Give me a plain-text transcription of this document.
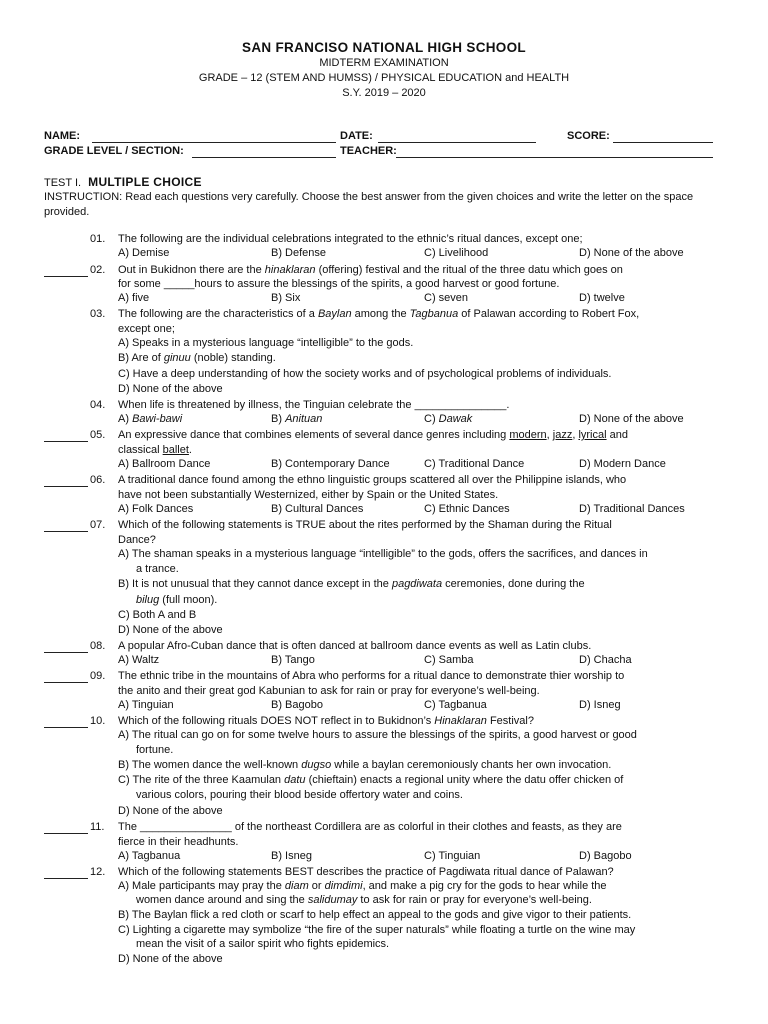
SAN FRANCISO NATIONAL HIGH SCHOOL
MIDTERM EXAMINATION
GRADE – 12 (STEM AND HUMSS) / PHYSICAL EDUCATION and HEALTH
S.Y. 2019 – 2020
NAME:	DATE:	SCORE:
GRADE LEVEL / SECTION:	TEACHER:
TEST I. MULTIPLE CHOICE
INSTRUCTION: Read each questions very carefully. Choose the best answer from the given choices and write the letter on the space provided.
01. The following are the individual celebrations integrated to the ethnic’s ritual dances, except one;
A) Demise	B) Defense	C) Livelihood	D) None of the above
02. Out in Bukidnon there are the hinaklaran (offering) festival and the ritual of the three datu which goes on
for some _____hours to assure the blessings of the spirits, a good harvest or good fortune.
A) five	B) Six	C) seven	D) twelve
03. The following are the characteristics of a Baylan among the Tagbanua of Palawan according to Robert Fox,
except one;
A) Speaks in a mysterious language “intelligible” to the gods.
B) Are of ginuu (noble) standing.
C) Have a deep understanding of how the society works and of psychological problems of individuals.
D) None of the above
04. When life is threatened by illness, the Tinguian celebrate the _______________.
A) Bawi-bawi	B) Anituan	C) Dawak	D) None of the above
05. An expressive dance that combines elements of several dance genres including modern, jazz, lyrical and
classical ballet.
A) Ballroom Dance	B) Contemporary Dance	C) Traditional Dance	D) Modern Dance
06. A traditional dance found among the ethno linguistic groups scattered all over the Philippine islands, who
have not been substantially Westernized, either by Spain or the United States.
A) Folk Dances	B) Cultural Dances	C) Ethnic Dances	D) Traditional Dances
07. Which of the following statements is TRUE about the rites performed by the Shaman during the Ritual
Dance?
A) The shaman speaks in a mysterious language “intelligible” to the gods, offers the sacrifices, and dances in
a trance.
B) It is not unusual that they cannot dance except in the pagdiwata ceremonies, done during the
bilug (full moon).
C) Both A and B
D) None of the above
08. A popular Afro-Cuban dance that is often danced at ballroom dance events as well as Latin clubs.
A) Waltz	B) Tango	C) Samba	D) Chacha
09. The ethnic tribe in the mountains of Abra who performs for a ritual dance to demonstrate thier worship to
the anito and their great god Kabunian to ask for rain or pray for everyone’s well-being.
A) Tinguian	B) Bagobo	C) Tagbanua	D) Isneg
10. Which of the following rituals DOES NOT reflect in to Bukidnon’s Hinaklaran Festival?
A) The ritual can go on for some twelve hours to assure the blessings of the spirits, a good harvest or good
fortune.
B) The women dance the well-known dugso while a baylan ceremoniously chants her own invocation.
C) The rite of the three Kaamulan datu (chieftain) enacts a regional unity where the datu offer chicken of
various colors, pouring their blood beside offertory water and coins.
D) None of the above
11. The _______________ of the northeast Cordillera are as colorful in their clothes and feasts, as they are
fierce in their headhunts.
A) Tagbanua	B) Isneg	C) Tinguian	D) Bagobo
12. Which of the following statements BEST describes the practice of Pagdiwata ritual dance of Palawan?
A) Male participants may pray the diam or dimdimi, and make a pig cry for the gods to hear while the
women dance around and sing the salidumay to ask for rain or pray for everyone’s well-being.
B) The Baylan flick a red cloth or scarf to help effect an appeal to the gods and give vigor to their patients.
C) Lighting a cigarette may symbolize “the fire of the super naturals” while floating a turtle on the wine may
mean the visit of a sailor spirit who fights epidemics.
D) None of the above
